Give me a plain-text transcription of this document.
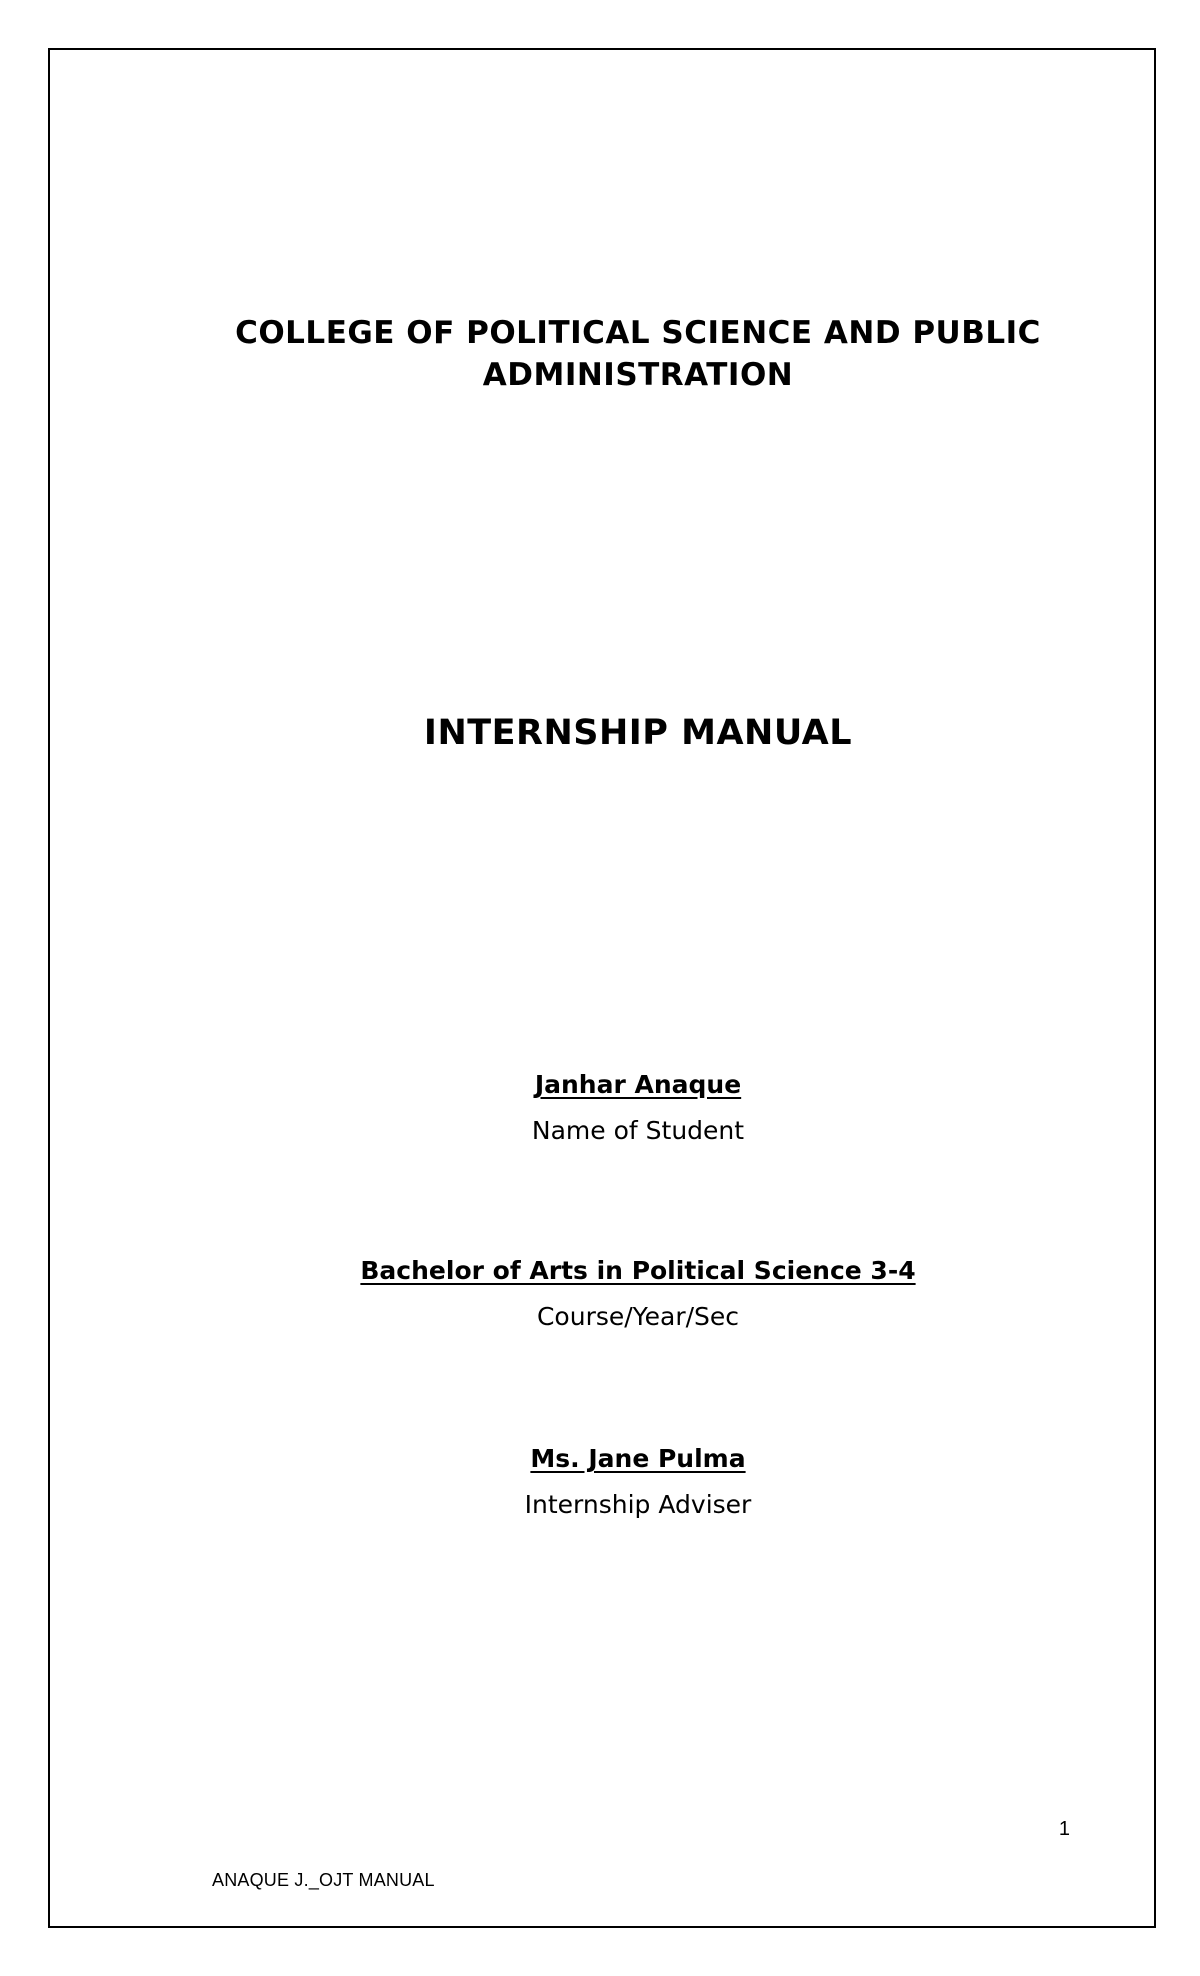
COLLEGE OF POLITICAL SCIENCE AND PUBLIC
ADMINISTRATION
INTERNSHIP MANUAL
Janhar Anaque
Name of Student
Bachelor of Arts in Political Science 3-4
Course/Year/Sec
Ms. Jane Pulma
Internship Adviser
1
ANAQUE J._OJT MANUAL
